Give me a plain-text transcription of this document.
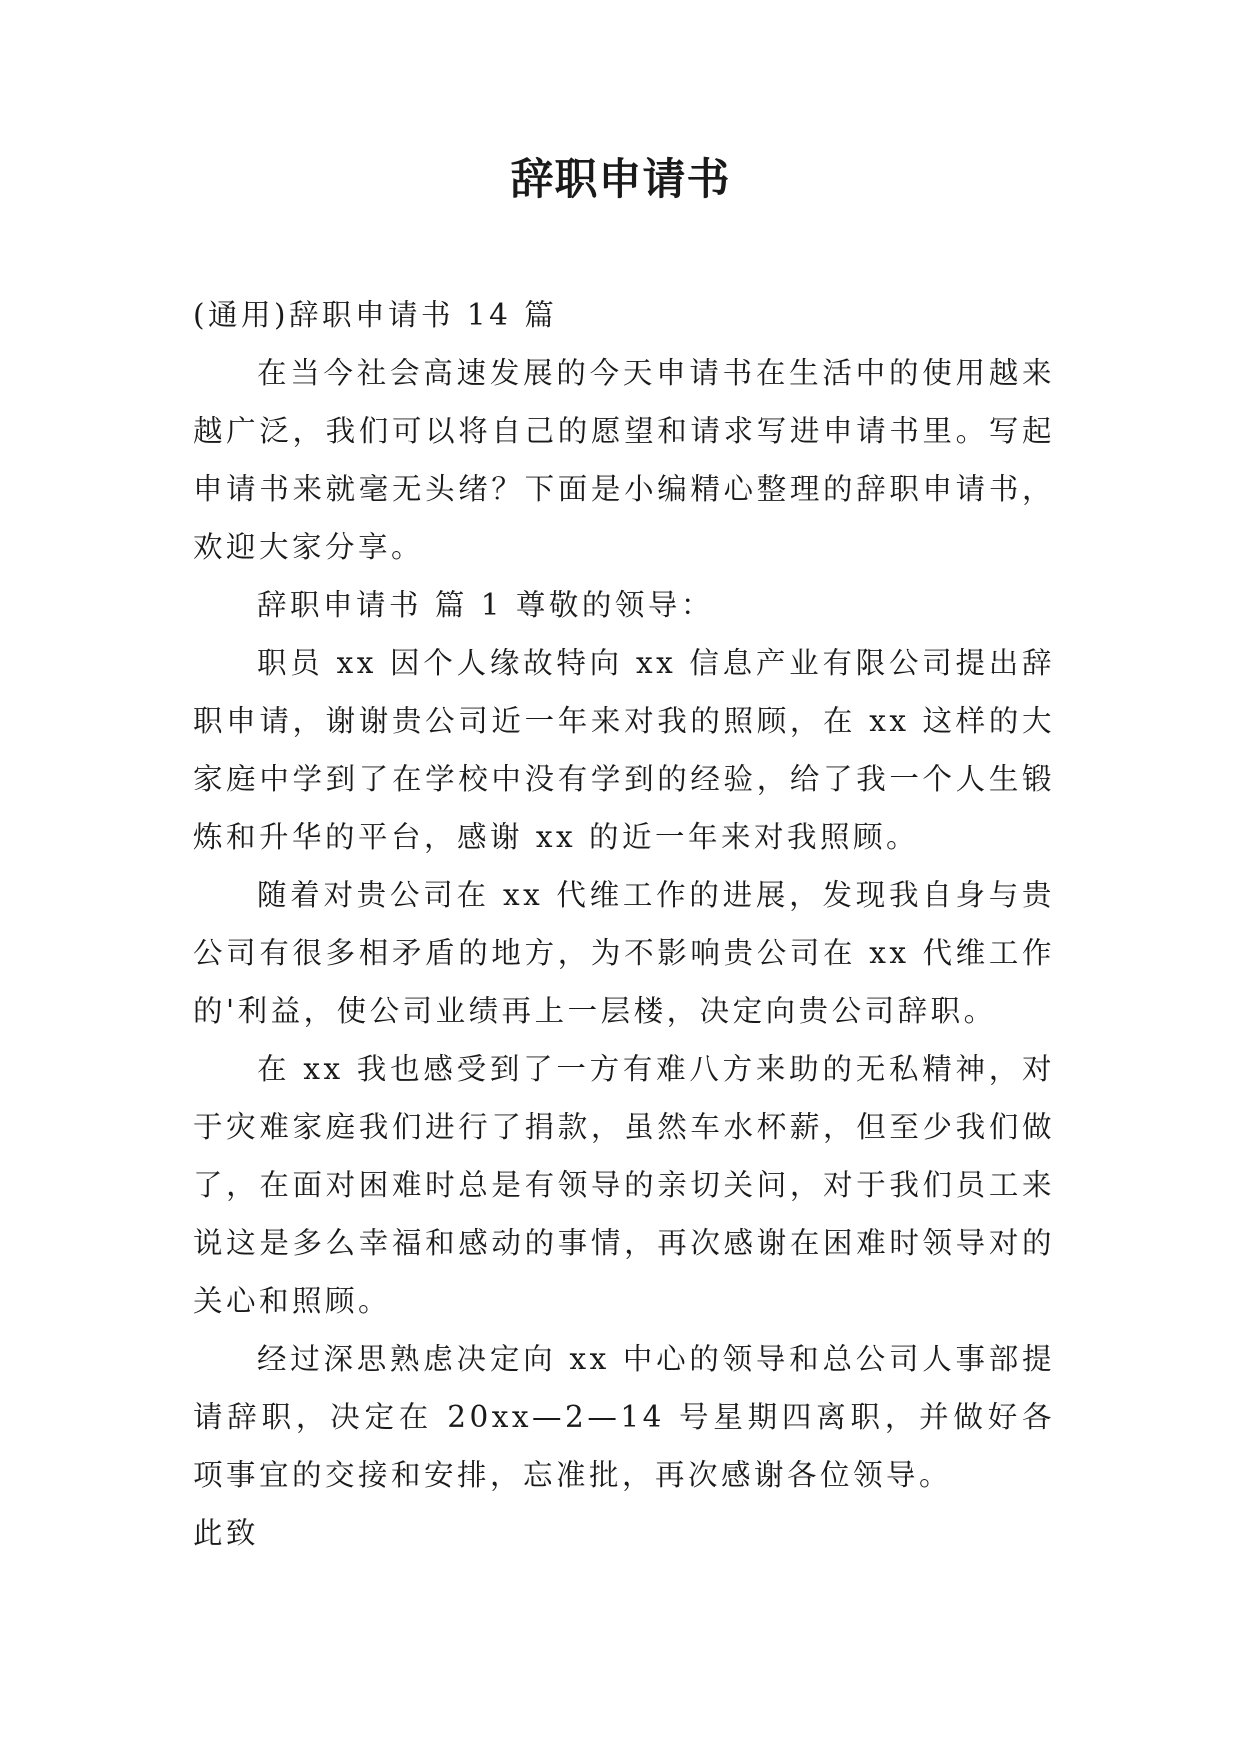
辞职申请书

(通用)辞职申请书 14 篇

在当今社会高速发展的今天申请书在生活中的使用越来越广泛，我们可以将自己的愿望和请求写进申请书里。写起申请书来就毫无头绪？下面是小编精心整理的辞职申请书，欢迎大家分享。

辞职申请书 篇 1 尊敬的领导：

职员 xx 因个人缘故特向 xx 信息产业有限公司提出辞职申请，谢谢贵公司近一年来对我的照顾，在 xx 这样的大家庭中学到了在学校中没有学到的经验，给了我一个人生锻炼和升华的平台，感谢 xx 的近一年来对我照顾。

随着对贵公司在 xx 代维工作的进展，发现我自身与贵公司有很多相矛盾的地方，为不影响贵公司在 xx 代维工作的'利益，使公司业绩再上一层楼，决定向贵公司辞职。

在 xx 我也感受到了一方有难八方来助的无私精神，对于灾难家庭我们进行了捐款，虽然车水杯薪，但至少我们做了，在面对困难时总是有领导的亲切关问，对于我们员工来说这是多么幸福和感动的事情，再次感谢在困难时领导对的关心和照顾。

经过深思熟虑决定向 xx 中心的领导和总公司人事部提请辞职，决定在 20xx—2—14 号星期四离职，并做好各项事宜的交接和安排，忘准批，再次感谢各位领导。

此致
